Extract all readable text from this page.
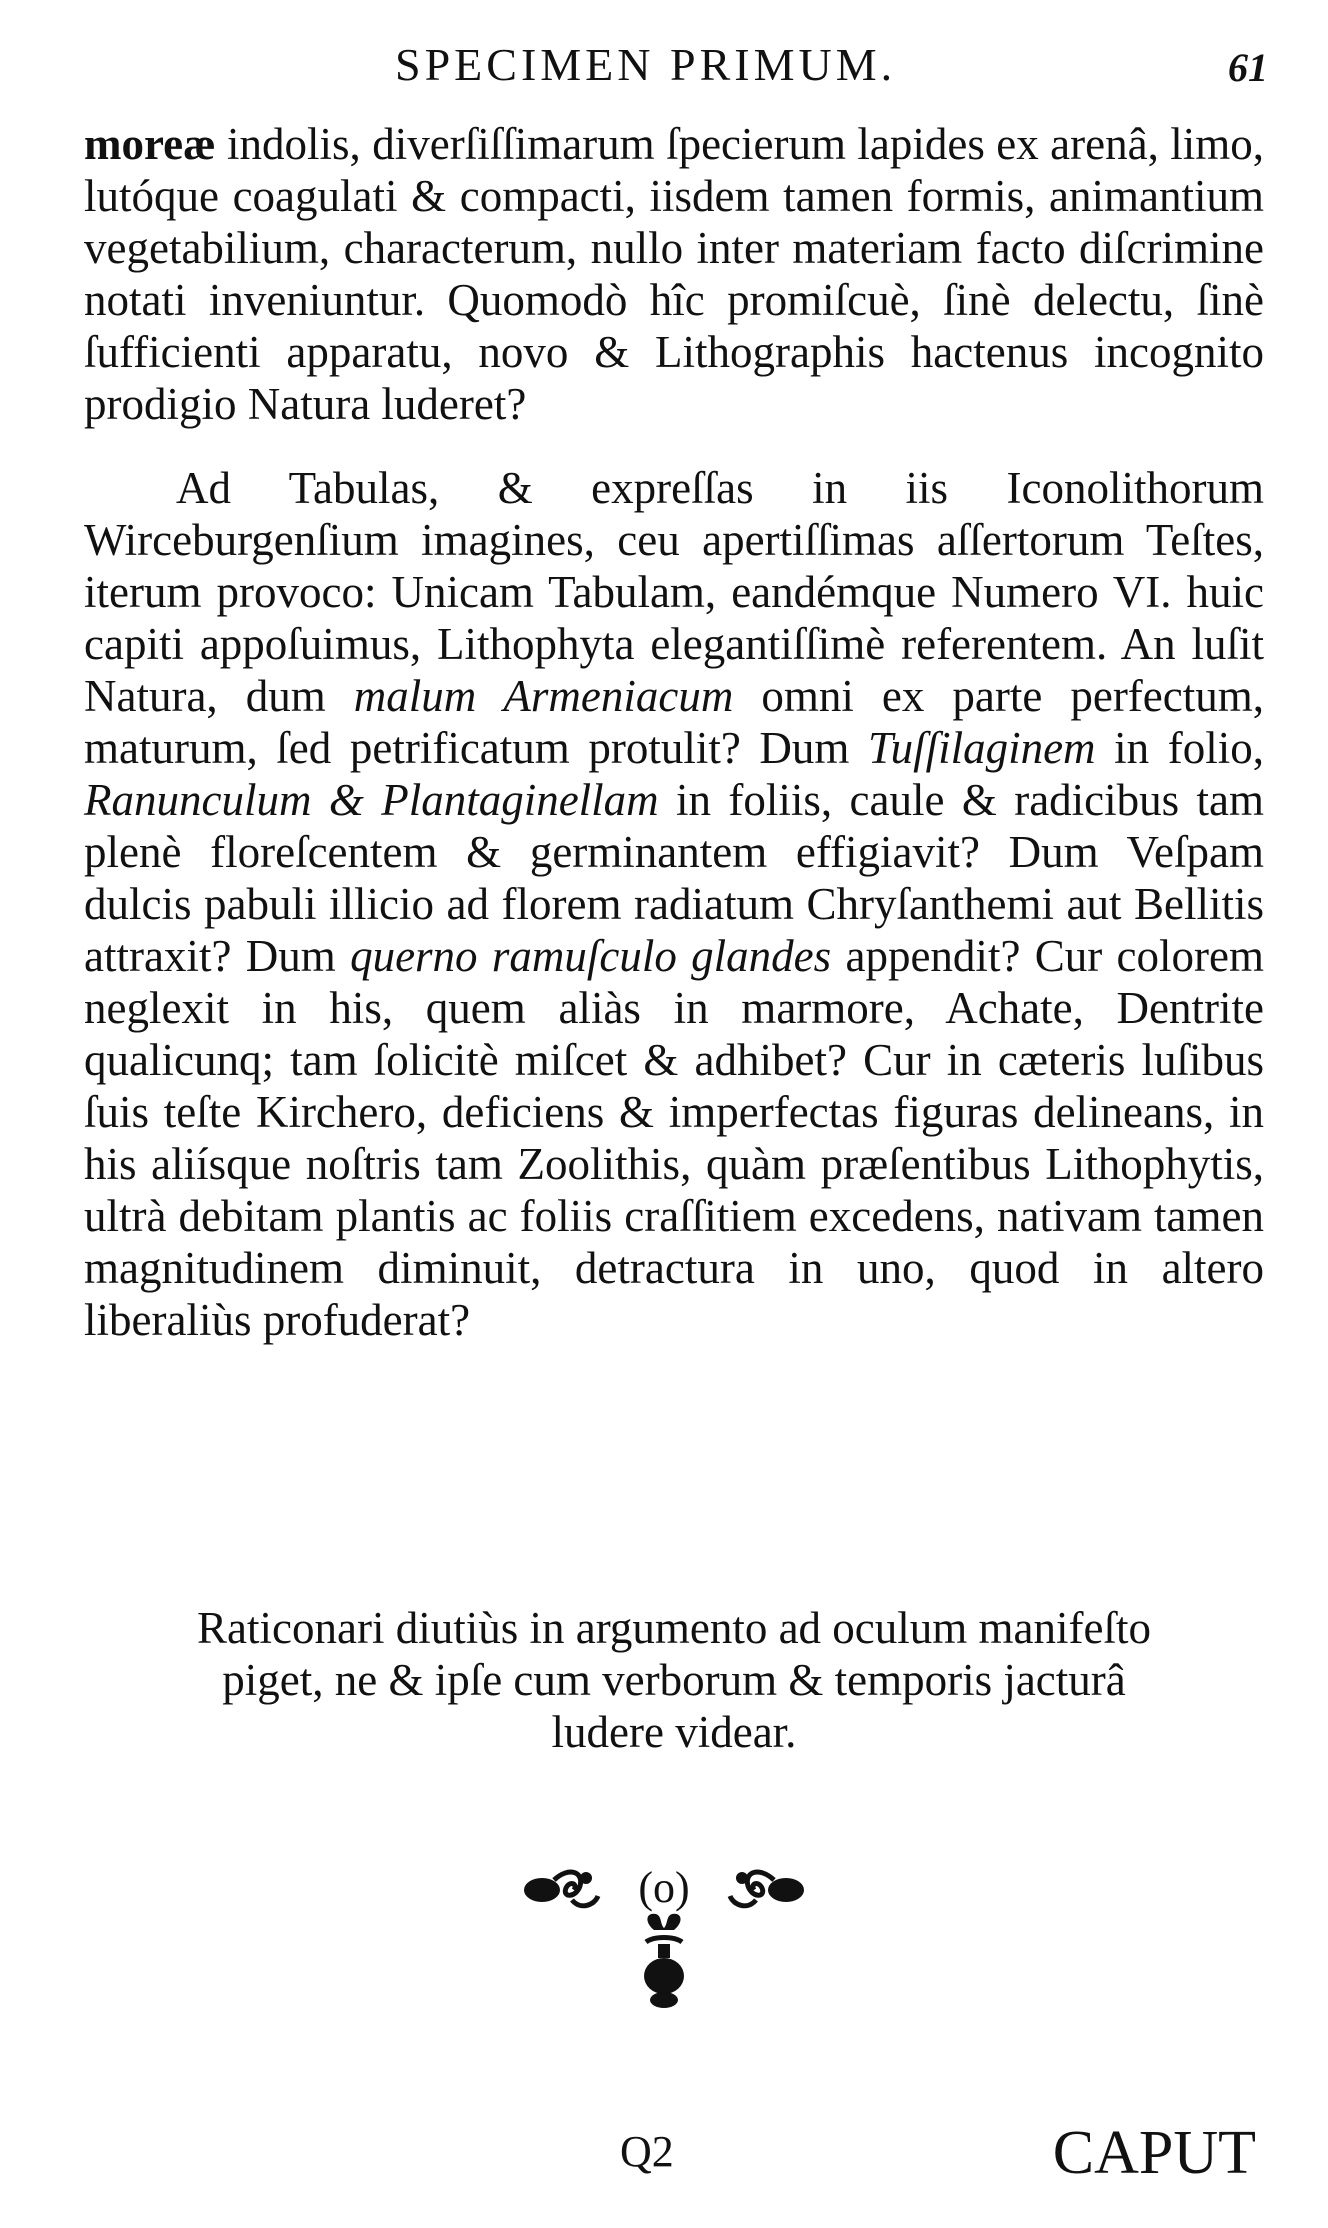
SPECIMEN PRIMUM.	61

moreæ indolis, diverſiſſimarum ſpecierum lapides ex arenâ, limo, lutóque coagulati & compacti, iisdem tamen formis, animantium vegetabilium, characterum, nullo inter materiam facto diſcrimine notati inveniuntur. Quomodò hîc promiſcuè, ſinè delectu, ſinè ſufficienti apparatu, novo & Lithographis hactenus incognito prodigio Natura luderet?

Ad Tabulas, & expreſſas in iis Iconolithorum Wirceburgenſium imagines, ceu apertiſſimas aſſertorum Teſtes, iterum provoco: Unicam Tabulam, eandémque Numero VI. huic capiti appoſuimus, Lithophyta elegantiſſimè referentem. An luſit Natura, dum malum Armeniacum omni ex parte perfectum, maturum, ſed petrificatum protulit? Dum Tuſſilaginem in folio, Ranunculum & Plantaginellam in foliis, caule & radicibus tam plenè floreſcentem & germinantem effigiavit? Dum Veſpam dulcis pabuli illicio ad florem radiatum Chryſanthemi aut Bellitis attraxit? Dum querno ramuſculo glandes appendit? Cur colorem neglexit in his, quem aliàs in marmore, Achate, Dentrite qualicunq; tam ſolicitè miſcet & adhibet? Cur in cæteris luſibus ſuis teſte Kirchero, deficiens & imperfectas figuras delineans, in his aliísque noſtris tam Zoolithis, quàm præſentibus Lithophytis, ultrà debitam plantis ac foliis craſſitiem excedens, nativam tamen magnitudinem diminuit, detractura in uno, quod in altero liberaliùs profuderat?

Raticonari diutiùs in argumento ad oculum manifeſto
piget, ne & ipſe cum verborum & temporis jacturâ
ludere videar.
(o)
Q2	CAPUT
